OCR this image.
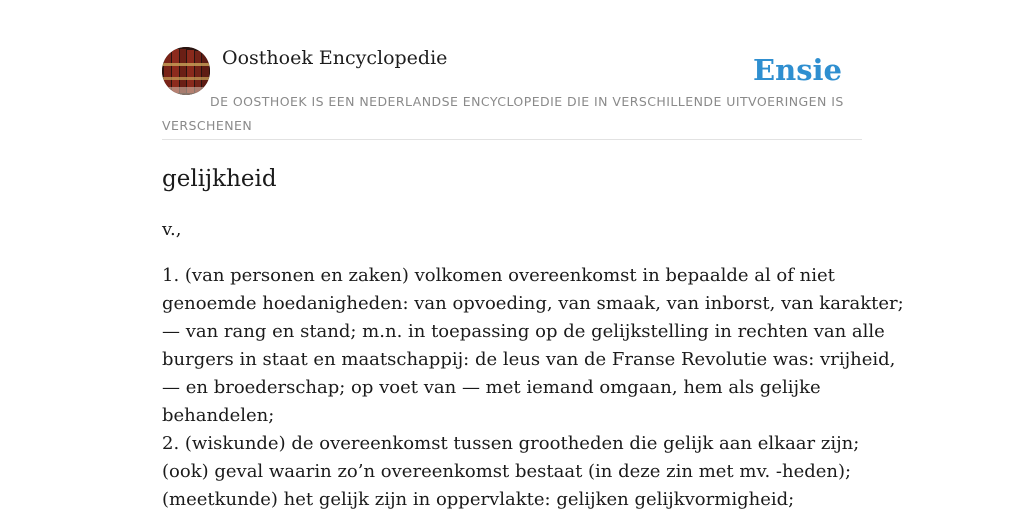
Oosthoek Encyclopedie	Ensie
DE OOSTHOEK IS EEN NEDERLANDSE ENCYCLOPEDIE DIE IN VERSCHILLENDE UITVOERINGEN IS VERSCHENEN
gelijkheid
v.,
1. (van personen en zaken) volkomen overeenkomst in bepaalde al of niet
genoemde hoedanigheden: van opvoeding, van smaak, van inborst, van karakter;
— van rang en stand; m.n. in toepassing op de gelijkstelling in rechten van alle
burgers in staat en maatschappij: de leus van de Franse Revolutie was: vrijheid,
— en broederschap; op voet van — met iemand omgaan, hem als gelijke
behandelen;
2. (wiskunde) de overeenkomst tussen grootheden die gelijk aan elkaar zijn;
(ook) geval waarin zo’n overeenkomst bestaat (in deze zin met mv. -heden);
(meetkunde) het gelijk zijn in oppervlakte: gelijken gelijkvormigheid;
